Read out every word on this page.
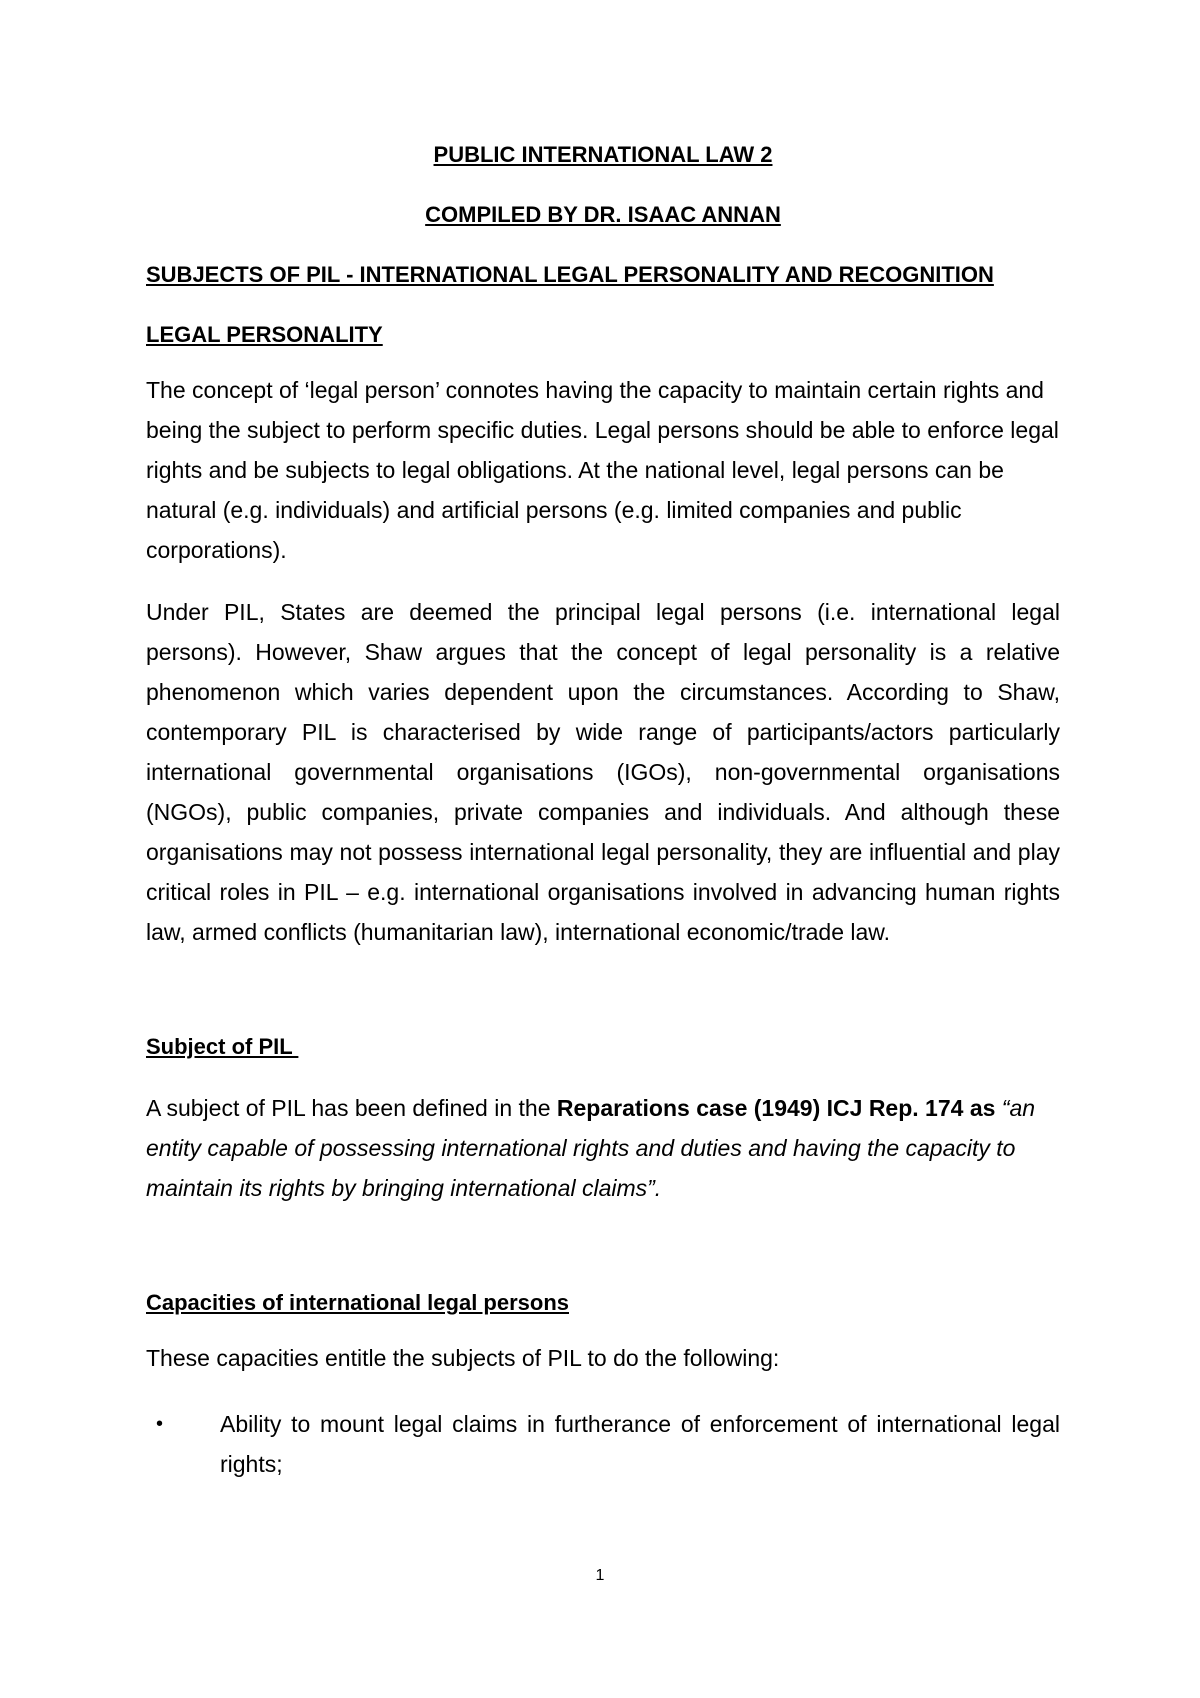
PUBLIC INTERNATIONAL LAW 2
COMPILED BY DR. ISAAC ANNAN
SUBJECTS OF PIL - INTERNATIONAL LEGAL PERSONALITY AND RECOGNITION
LEGAL PERSONALITY

The concept of ‘legal person’ connotes having the capacity to maintain certain rights and being the subject to perform specific duties. Legal persons should be able to enforce legal rights and be subjects to legal obligations. At the national level, legal persons can be natural (e.g. individuals) and artificial persons (e.g. limited companies and public corporations).

Under PIL, States are deemed the principal legal persons (i.e. international legal persons). However, Shaw argues that the concept of legal personality is a relative phenomenon which varies dependent upon the circumstances. According to Shaw, contemporary PIL is characterised by wide range of participants/actors particularly international governmental organisations (IGOs), non-governmental organisations (NGOs), public companies, private companies and individuals. And although these organisations may not possess international legal personality, they are influential and play critical roles in PIL – e.g. international organisations involved in advancing human rights law, armed conflicts (humanitarian law), international economic/trade law.

Subject of PIL

A subject of PIL has been defined in the Reparations case (1949) ICJ Rep. 174 as “an entity capable of possessing international rights and duties and having the capacity to maintain its rights by bringing international claims”.

Capacities of international legal persons

These capacities entitle the subjects of PIL to do the following:

• Ability to mount legal claims in furtherance of enforcement of international legal rights;
1
